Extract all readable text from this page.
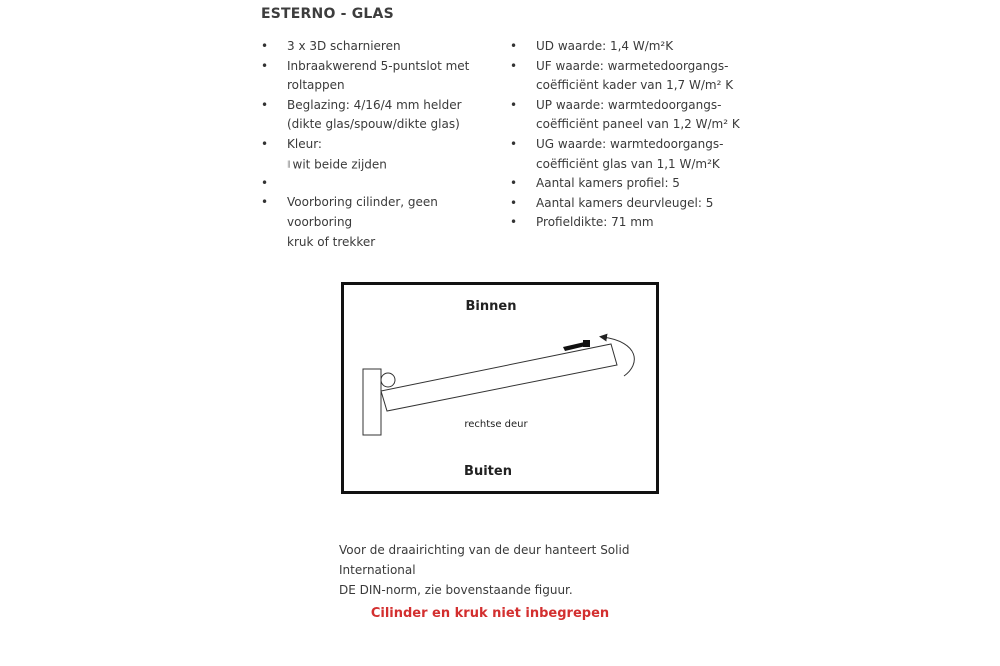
ESTERNO - GLAS
• 3 x 3D scharnieren
• Inbraakwerend 5-puntslot met
roltappen
• Beglazing: 4/16/4 mm helder
(dikte glas/spouw/dikte glas)
• Kleur:
‖ wit beide zijden
•
• Voorboring cilinder, geen voorboring
kruk of trekker
• UD waarde: 1,4 W/m²K
• UF waarde: warmetedoorgangs-
coëfficiënt kader van 1,7 W/m² K
• UP waarde: warmtedoorgangs-
coëfficiënt paneel van 1,2 W/m² K
• UG waarde: warmtedoorgangs-
coëfficiënt glas van 1,1 W/m²K
• Aantal kamers profiel: 5
• Aantal kamers deurvleugel: 5
• Profieldikte: 71 mm
Binnen
rechtse deur
Buiten
Voor de draairichting van de deur hanteert Solid International
DE DIN-norm, zie bovenstaande figuur.
Cilinder en kruk niet inbegrepen
